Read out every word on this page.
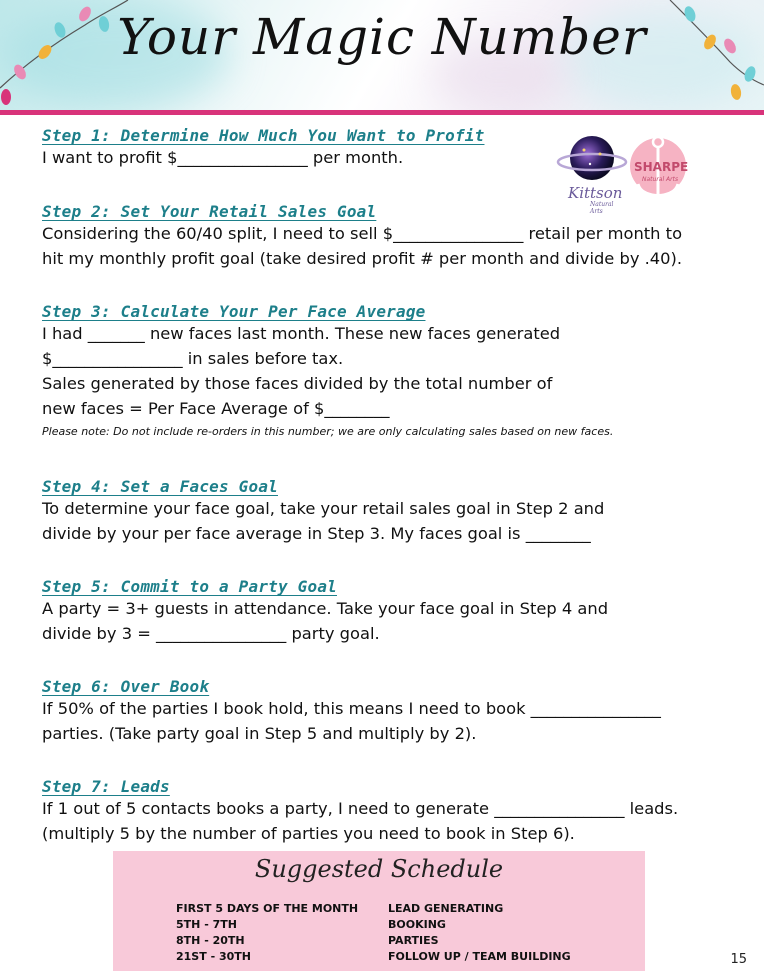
Your Magic Number
Kittson
Natural Arts
SHARPE
Natural Arts
Step 1: Determine How Much You Want to Profit
I want to profit $________________ per month.
Step 2: Set Your Retail Sales Goal
Considering the 60/40 split, I need to sell $________________ retail per month to
hit my monthly profit goal (take desired profit # per month and divide by .40).
Step 3: Calculate Your Per Face Average
I had _______ new faces last month. These new faces generated
$________________ in sales before tax.
Sales generated by those faces divided by the total number of
new faces = Per Face Average of $________
Please note: Do not include re-orders in this number; we are only calculating sales based on new faces.
Step 4: Set a Faces Goal
To determine your face goal, take your retail sales goal in Step 2 and
divide by your per face average in Step 3. My faces goal is ________
Step 5: Commit to a Party Goal
A party = 3+ guests in attendance. Take your face goal in Step 4 and
divide by 3 = ________________ party goal.
Step 6: Over Book
If 50% of the parties I book hold, this means I need to book ________________
parties. (Take party goal in Step 5 and multiply by 2).
Step 7: Leads
If 1 out of 5 contacts books a party, I need to generate ________________ leads.
(multiply 5 by the number of parties you need to book in Step 6).
Suggested Schedule
FIRST 5 DAYS OF THE MONTH	LEAD GENERATING
5TH - 7TH	BOOKING
8TH - 20TH	PARTIES
21ST - 30TH	FOLLOW UP / TEAM BUILDING	15
